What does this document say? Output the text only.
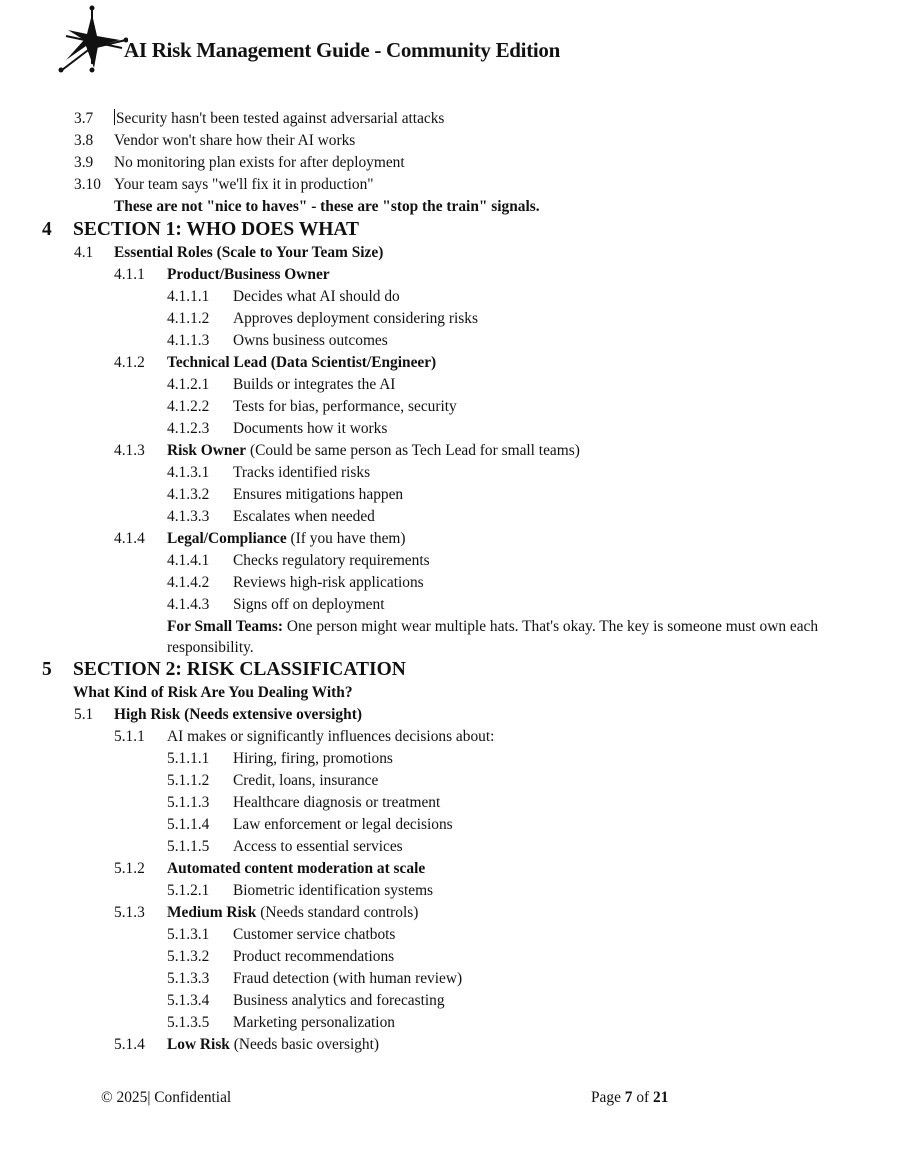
AI Risk Management Guide - Community Edition
3.7 Security hasn't been tested against adversarial attacks
3.8 Vendor won't share how their AI works
3.9 No monitoring plan exists for after deployment
3.10 Your team says "we'll fix it in production"
These are not "nice to haves" - these are "stop the train" signals.
4 SECTION 1: WHO DOES WHAT
4.1 Essential Roles (Scale to Your Team Size)
4.1.1 Product/Business Owner
4.1.1.1 Decides what AI should do
4.1.1.2 Approves deployment considering risks
4.1.1.3 Owns business outcomes
4.1.2 Technical Lead (Data Scientist/Engineer)
4.1.2.1 Builds or integrates the AI
4.1.2.2 Tests for bias, performance, security
4.1.2.3 Documents how it works
4.1.3 Risk Owner (Could be same person as Tech Lead for small teams)
4.1.3.1 Tracks identified risks
4.1.3.2 Ensures mitigations happen
4.1.3.3 Escalates when needed
4.1.4 Legal/Compliance (If you have them)
4.1.4.1 Checks regulatory requirements
4.1.4.2 Reviews high-risk applications
4.1.4.3 Signs off on deployment
For Small Teams: One person might wear multiple hats. That's okay. The key is someone must own each responsibility.
5 SECTION 2: RISK CLASSIFICATION
What Kind of Risk Are You Dealing With?
5.1 High Risk (Needs extensive oversight)
5.1.1 AI makes or significantly influences decisions about:
5.1.1.1 Hiring, firing, promotions
5.1.1.2 Credit, loans, insurance
5.1.1.3 Healthcare diagnosis or treatment
5.1.1.4 Law enforcement or legal decisions
5.1.1.5 Access to essential services
5.1.2 Automated content moderation at scale
5.1.2.1 Biometric identification systems
5.1.3 Medium Risk (Needs standard controls)
5.1.3.1 Customer service chatbots
5.1.3.2 Product recommendations
5.1.3.3 Fraud detection (with human review)
5.1.3.4 Business analytics and forecasting
5.1.3.5 Marketing personalization
5.1.4 Low Risk (Needs basic oversight)
© 2025| Confidential	Page 7 of 21
